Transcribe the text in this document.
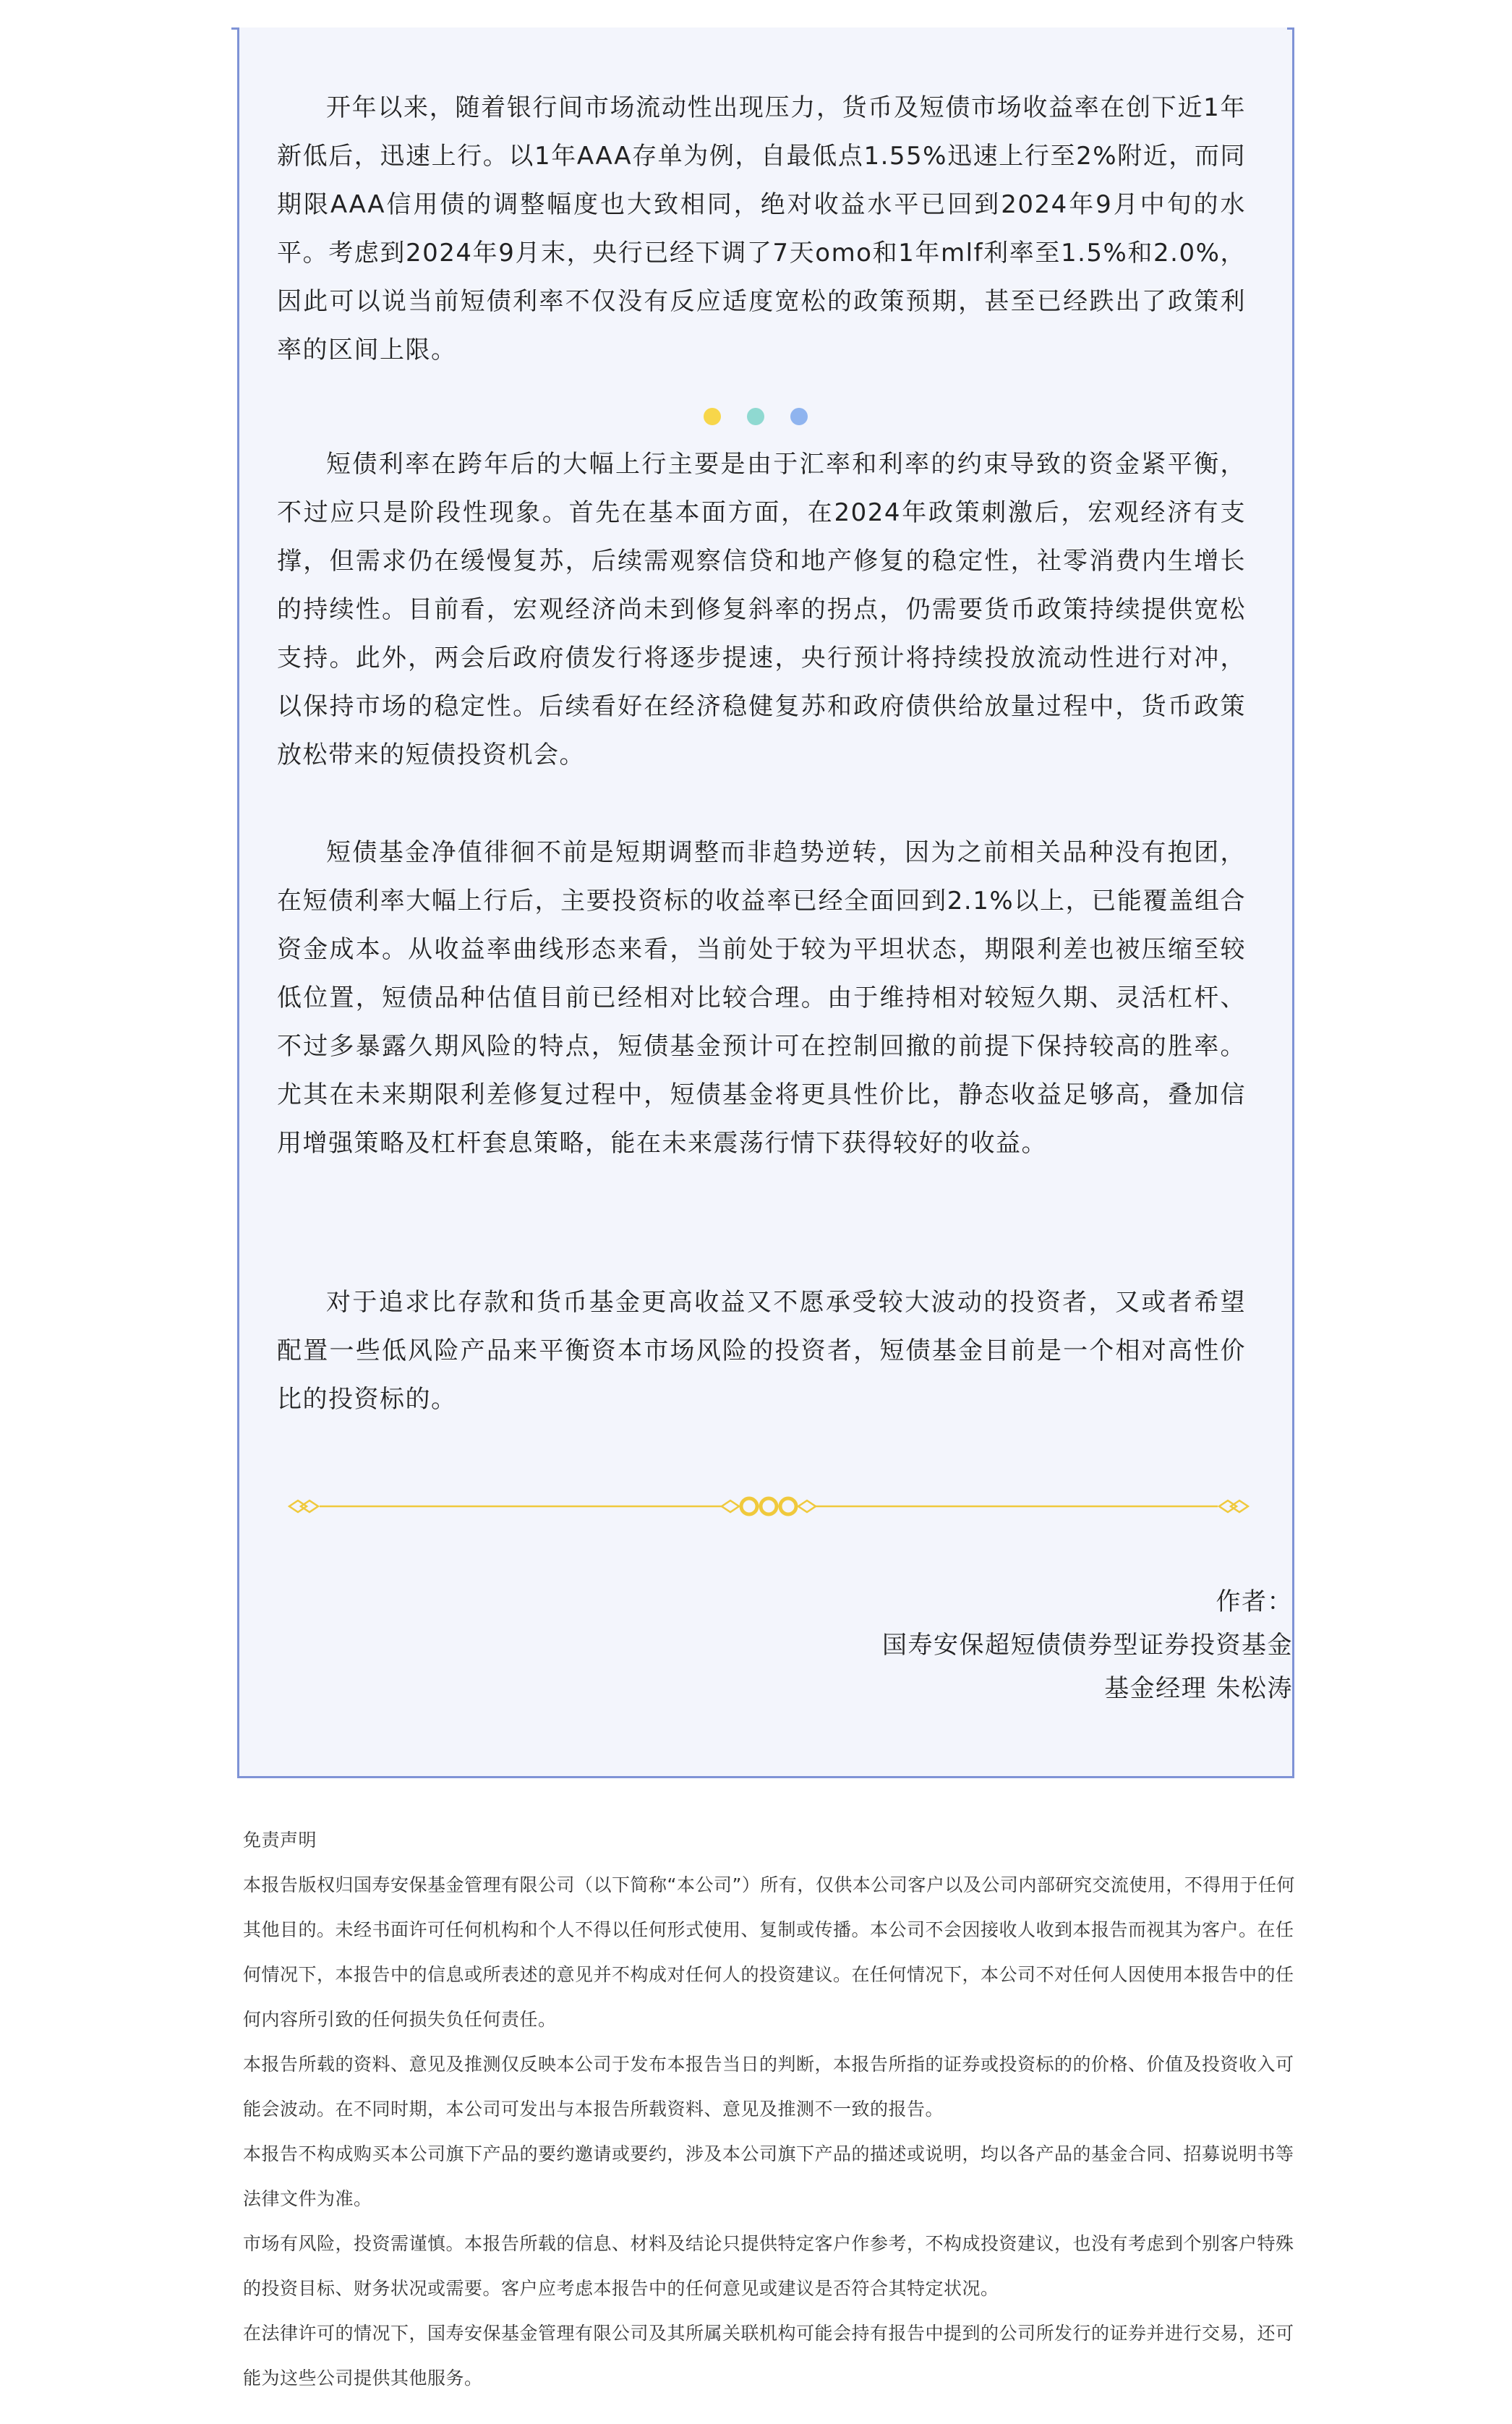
开年以来，随着银行间市场流动性出现压力，货币及短债市场收益率在创下近1年新低后，迅速上行。以1年AAA存单为例，自最低点1.55%迅速上行至2%附近，而同期限AAA信用债的调整幅度也大致相同，绝对收益水平已回到2024年9月中旬的水平。考虑到2024年9月末，央行已经下调了7天omo和1年mlf利率至1.5%和2.0%，因此可以说当前短债利率不仅没有反应适度宽松的政策预期，甚至已经跌出了政策利率的区间上限。

短债利率在跨年后的大幅上行主要是由于汇率和利率的约束导致的资金紧平衡，不过应只是阶段性现象。首先在基本面方面，在2024年政策刺激后，宏观经济有支撑，但需求仍在缓慢复苏，后续需观察信贷和地产修复的稳定性，社零消费内生增长的持续性。目前看，宏观经济尚未到修复斜率的拐点，仍需要货币政策持续提供宽松支持。此外，两会后政府债发行将逐步提速，央行预计将持续投放流动性进行对冲，以保持市场的稳定性。后续看好在经济稳健复苏和政府债供给放量过程中，货币政策放松带来的短债投资机会。

短债基金净值徘徊不前是短期调整而非趋势逆转，因为之前相关品种没有抱团，在短债利率大幅上行后，主要投资标的收益率已经全面回到2.1%以上，已能覆盖组合资金成本。从收益率曲线形态来看，当前处于较为平坦状态，期限利差也被压缩至较低位置，短债品种估值目前已经相对比较合理。由于维持相对较短久期、灵活杠杆、不过多暴露久期风险的特点，短债基金预计可在控制回撤的前提下保持较高的胜率。尤其在未来期限利差修复过程中，短债基金将更具性价比，静态收益足够高，叠加信用增强策略及杠杆套息策略，能在未来震荡行情下获得较好的收益。

对于追求比存款和货币基金更高收益又不愿承受较大波动的投资者，又或者希望配置一些低风险产品来平衡资本市场风险的投资者，短债基金目前是一个相对高性价比的投资标的。

作者：
国寿安保超短债债券型证券投资基金
基金经理 朱松涛

免责声明

本报告版权归国寿安保基金管理有限公司（以下简称“本公司”）所有，仅供本公司客户以及公司内部研究交流使用，不得用于任何其他目的。未经书面许可任何机构和个人不得以任何形式使用、复制或传播。本公司不会因接收人收到本报告而视其为客户。在任何情况下，本报告中的信息或所表述的意见并不构成对任何人的投资建议。在任何情况下，本公司不对任何人因使用本报告中的任何内容所引致的任何损失负任何责任。

本报告所载的资料、意见及推测仅反映本公司于发布本报告当日的判断，本报告所指的证券或投资标的的价格、价值及投资收入可能会波动。在不同时期，本公司可发出与本报告所载资料、意见及推测不一致的报告。

本报告不构成购买本公司旗下产品的要约邀请或要约，涉及本公司旗下产品的描述或说明，均以各产品的基金合同、招募说明书等法律文件为准。

市场有风险，投资需谨慎。本报告所载的信息、材料及结论只提供特定客户作参考，不构成投资建议，也没有考虑到个别客户特殊的投资目标、财务状况或需要。客户应考虑本报告中的任何意见或建议是否符合其特定状况。

在法律许可的情况下，国寿安保基金管理有限公司及其所属关联机构可能会持有报告中提到的公司所发行的证券并进行交易，还可能为这些公司提供其他服务。
